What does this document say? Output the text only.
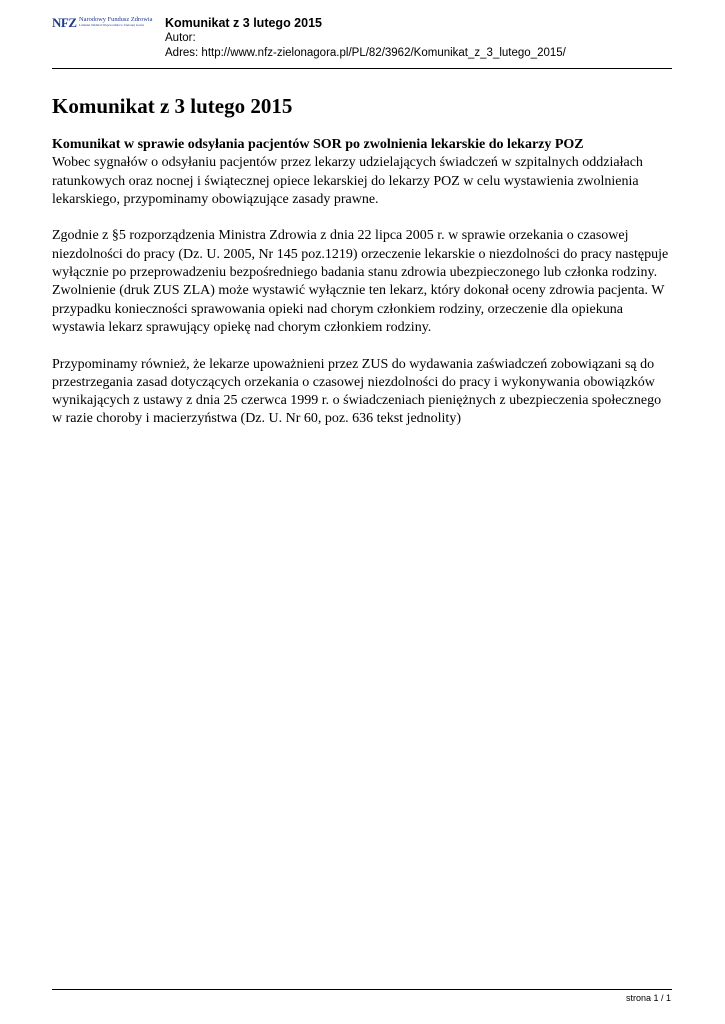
NFZ Narodowy Fundusz Zdrowia
Lubuski Oddział Wojewódzki w Zielonej Górze Komunikat z 3 lutego 2015
Autor:
Adres: http://www.nfz-zielonagora.pl/PL/82/3962/Komunikat_z_3_lutego_2015/
Komunikat z 3 lutego 2015
Komunikat w sprawie odsyłania pacjentów SOR po zwolnienia lekarskie do lekarzy POZ

Wobec sygnałów o odsyłaniu pacjentów przez lekarzy udzielających świadczeń w szpitalnych oddziałach ratunkowych oraz nocnej i świątecznej opiece lekarskiej do lekarzy POZ w celu wystawienia zwolnienia lekarskiego, przypominamy obowiązujące zasady prawne.

Zgodnie z §5 rozporządzenia Ministra Zdrowia z dnia 22 lipca 2005 r. w sprawie orzekania o czasowej niezdolności do pracy (Dz. U. 2005, Nr 145 poz.1219) orzeczenie lekarskie o niezdolności do pracy następuje wyłącznie po przeprowadzeniu bezpośredniego badania stanu zdrowia ubezpieczonego lub członka rodziny. Zwolnienie (druk ZUS ZLA) może wystawić wyłącznie ten lekarz, który dokonał oceny zdrowia pacjenta. W przypadku konieczności sprawowania opieki nad chorym członkiem rodziny, orzeczenie dla opiekuna wystawia lekarz sprawujący opiekę nad chorym członkiem rodziny.

Przypominamy również, że lekarze upoważnieni przez ZUS do wydawania zaświadczeń zobowiązani są do przestrzegania zasad dotyczących orzekania o czasowej niezdolności do pracy i wykonywania obowiązków wynikających z ustawy z dnia 25 czerwca 1999 r. o świadczeniach pieniężnych z ubezpieczenia społecznego w razie choroby i macierzyństwa (Dz. U. Nr 60, poz. 636 tekst jednolity)

strona 1 / 1
